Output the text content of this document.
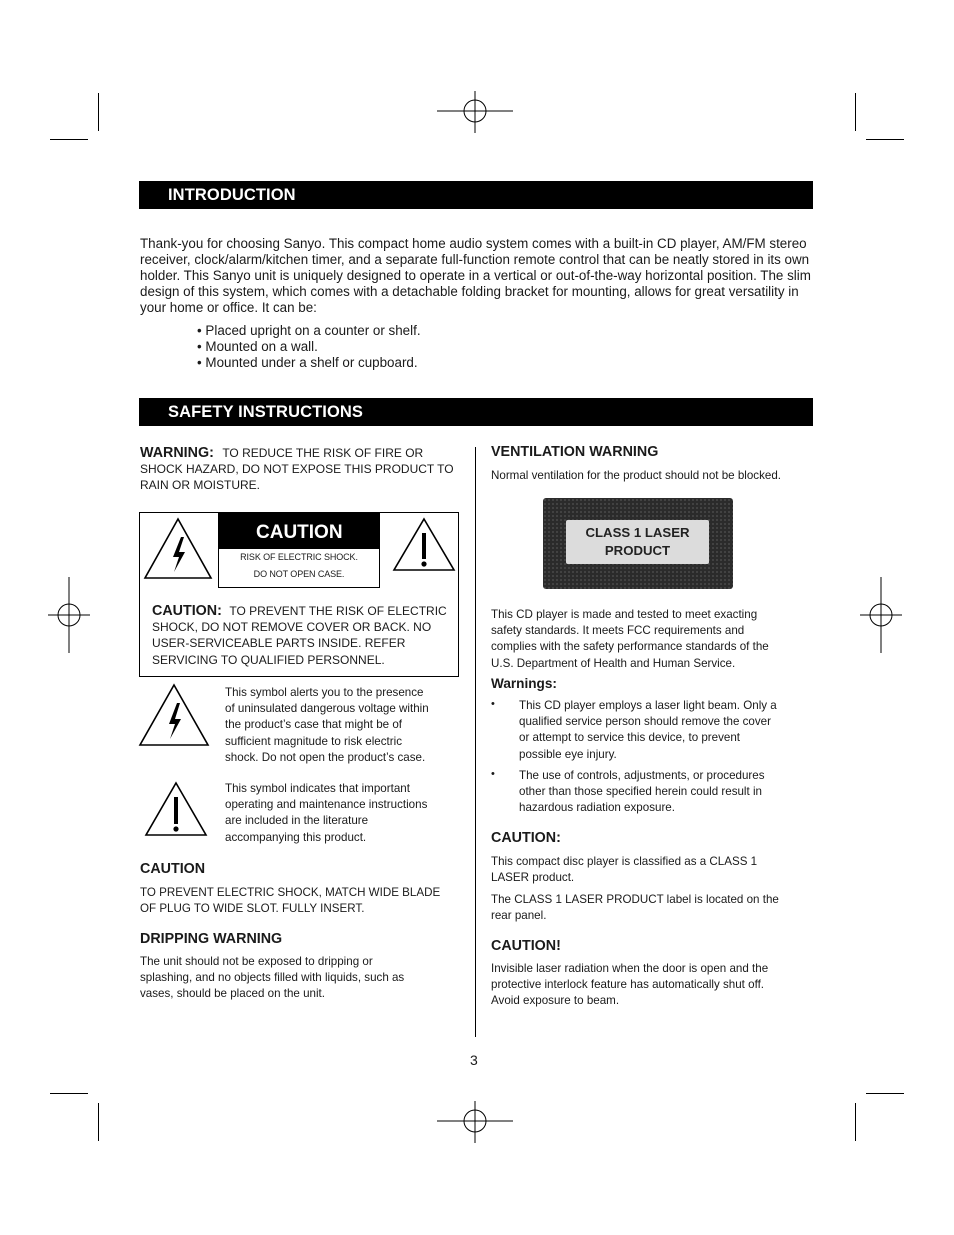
INTRODUCTION
Thank-you for choosing Sanyo. This compact home audio system comes with a built-in CD player, AM/FM stereo receiver, clock/alarm/kitchen timer, and a separate full-function remote control that can be neatly stored in its own holder. This Sanyo unit is uniquely designed to operate in a vertical or out-of-the-way horizontal position. The slim design of this system, which comes with a detachable folding bracket for mounting, allows for great versatility in your home or office. It can be:
• Placed upright on a counter or shelf.
• Mounted on a wall.
• Mounted under a shelf or cupboard.
SAFETY INSTRUCTIONS
WARNING: TO REDUCE THE RISK OF FIRE OR
SHOCK HAZARD, DO NOT EXPOSE THIS PRODUCT TO
RAIN OR MOISTURE.
CAUTION
RISK OF ELECTRIC SHOCK.
DO NOT OPEN CASE.
CAUTION: TO PREVENT THE RISK OF ELECTRIC
SHOCK, DO NOT REMOVE COVER OR BACK. NO
USER-SERVICEABLE PARTS INSIDE. REFER
SERVICING TO QUALIFIED PERSONNEL.
This symbol alerts you to the presence
of uninsulated dangerous voltage within
the product’s case that might be of
sufficient magnitude to risk electric
shock. Do not open the product’s case.
This symbol indicates that important
operating and maintenance instructions
are included in the literature
accompanying this product.
CAUTION
TO PREVENT ELECTRIC SHOCK, MATCH WIDE BLADE
OF PLUG TO WIDE SLOT. FULLY INSERT.
DRIPPING WARNING
The unit should not be exposed to dripping or
splashing, and no objects filled with liquids, such as
vases, should be placed on the unit.
VENTILATION WARNING
Normal ventilation for the product should not be blocked.
CLASS 1 LASER
PRODUCT
This CD player is made and tested to meet exacting
safety standards. It meets FCC requirements and
complies with the safety performance standards of the
U.S. Department of Health and Human Service.
Warnings:
• This CD player employs a laser light beam. Only a
qualified service person should remove the cover
or attempt to service this device, to prevent
possible eye injury.
• The use of controls, adjustments, or procedures
other than those specified herein could result in
hazardous radiation exposure.
CAUTION:
This compact disc player is classified as a CLASS 1
LASER product.
The CLASS 1 LASER PRODUCT label is located on the
rear panel.
CAUTION!
Invisible laser radiation when the door is open and the
protective interlock feature has automatically shut off.
Avoid exposure to beam.
3
